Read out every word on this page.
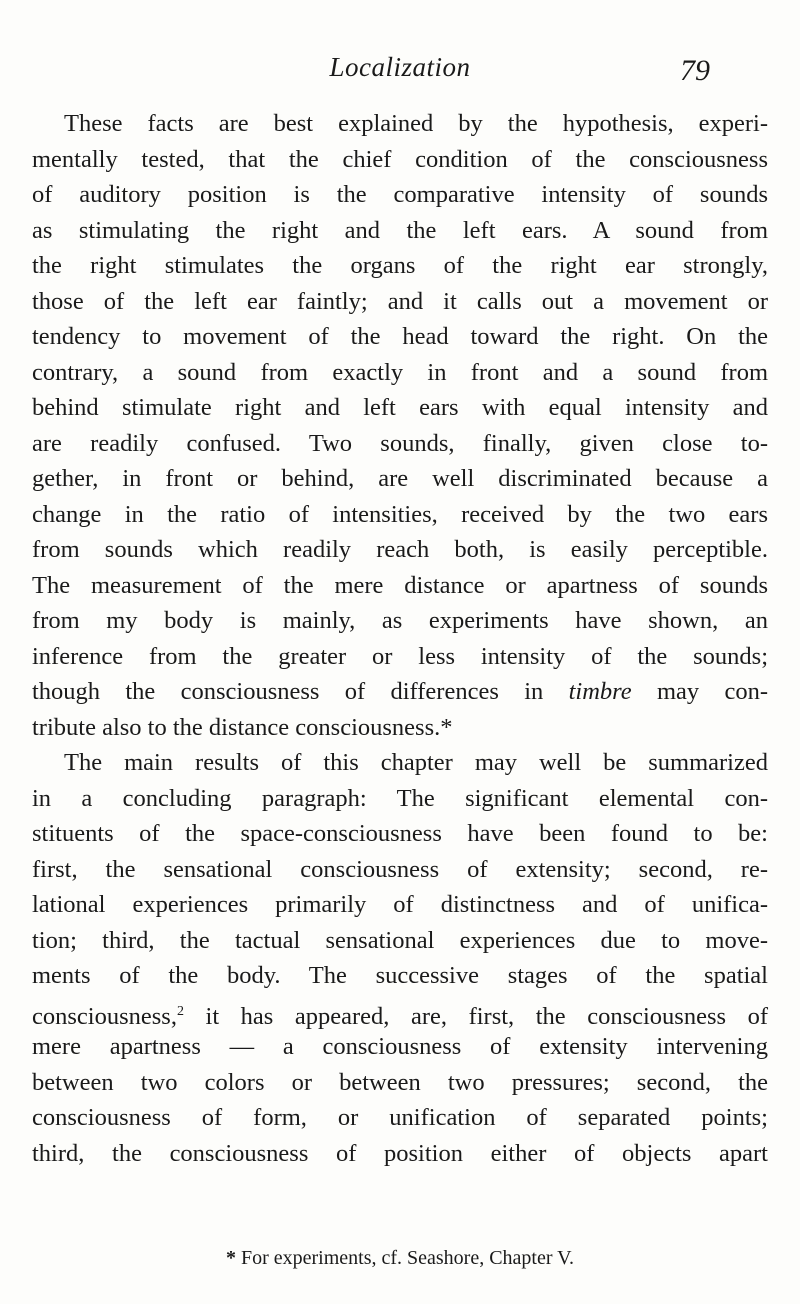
Localization	79
These facts are best explained by the hypothesis, experi-
mentally tested, that the chief condition of the consciousness
of auditory position is the comparative intensity of sounds
as stimulating the right and the left ears. A sound from
the right stimulates the organs of the right ear strongly,
those of the left ear faintly; and it calls out a movement or
tendency to movement of the head toward the right. On the
contrary, a sound from exactly in front and a sound from
behind stimulate right and left ears with equal intensity and
are readily confused. Two sounds, finally, given close to-
gether, in front or behind, are well discriminated because a
change in the ratio of intensities, received by the two ears
from sounds which readily reach both, is easily perceptible.
The measurement of the mere distance or apartness of sounds
from my body is mainly, as experiments have shown, an
inference from the greater or less intensity of the sounds;
though the consciousness of differences in timbre may con-
tribute also to the distance consciousness.*
The main results of this chapter may well be summarized
in a concluding paragraph: The significant elemental con-
stituents of the space-consciousness have been found to be:
first, the sensational consciousness of extensity; second, re-
lational experiences primarily of distinctness and of unifica-
tion; third, the tactual sensational experiences due to move-
ments of the body. The successive stages of the spatial
consciousness,$^2$ it has appeared, are, first, the consciousness of
mere apartness — a consciousness of extensity intervening
between two colors or between two pressures; second, the
consciousness of form, or unification of separated points;
third, the consciousness of position either of objects apart
* For experiments, cf. Seashore, Chapter V.
